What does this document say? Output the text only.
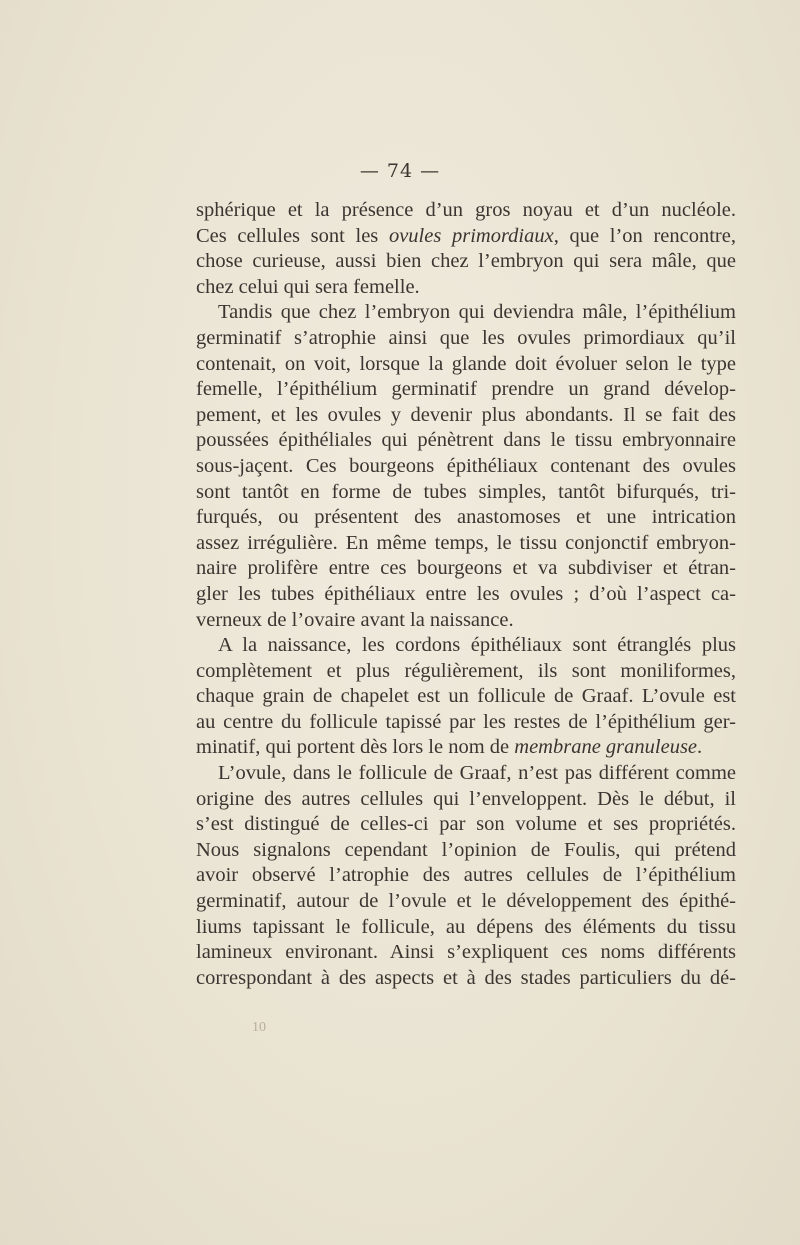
— 74 —
sphérique et la présence d’un gros noyau et d’un nucléole.
Ces cellules sont les ovules primordiaux, que l’on rencontre,
chose curieuse, aussi bien chez l’embryon qui sera mâle, que
chez celui qui sera femelle.
Tandis que chez l’embryon qui deviendra mâle, l’épithélium
germinatif s’atrophie ainsi que les ovules primordiaux qu’il
contenait, on voit, lorsque la glande doit évoluer selon le type
femelle, l’épithélium germinatif prendre un grand dévelop-
pement, et les ovules y devenir plus abondants. Il se fait des
poussées épithéliales qui pénètrent dans le tissu embryonnaire
sous-jaçent. Ces bourgeons épithéliaux contenant des ovules
sont tantôt en forme de tubes simples, tantôt bifurqués, tri-
furqués, ou présentent des anastomoses et une intrication
assez irrégulière. En même temps, le tissu conjonctif embryon-
naire prolifère entre ces bourgeons et va subdiviser et étran-
gler les tubes épithéliaux entre les ovules ; d’où l’aspect ca-
verneux de l’ovaire avant la naissance.
A la naissance, les cordons épithéliaux sont étranglés plus
complètement et plus régulièrement, ils sont moniliformes,
chaque grain de chapelet est un follicule de Graaf. L’ovule est
au centre du follicule tapissé par les restes de l’épithélium ger-
minatif, qui portent dès lors le nom de membrane granuleuse.
L’ovule, dans le follicule de Graaf, n’est pas différent comme
origine des autres cellules qui l’enveloppent. Dès le début, il
s’est distingué de celles-ci par son volume et ses propriétés.
Nous signalons cependant l’opinion de Foulis, qui prétend
avoir observé l’atrophie des autres cellules de l’épithélium
germinatif, autour de l’ovule et le développement des épithé-
liums tapissant le follicule, au dépens des éléments du tissu
lamineux environant. Ainsi s’expliquent ces noms différents
correspondant à des aspects et à des stades particuliers du dé-
10
